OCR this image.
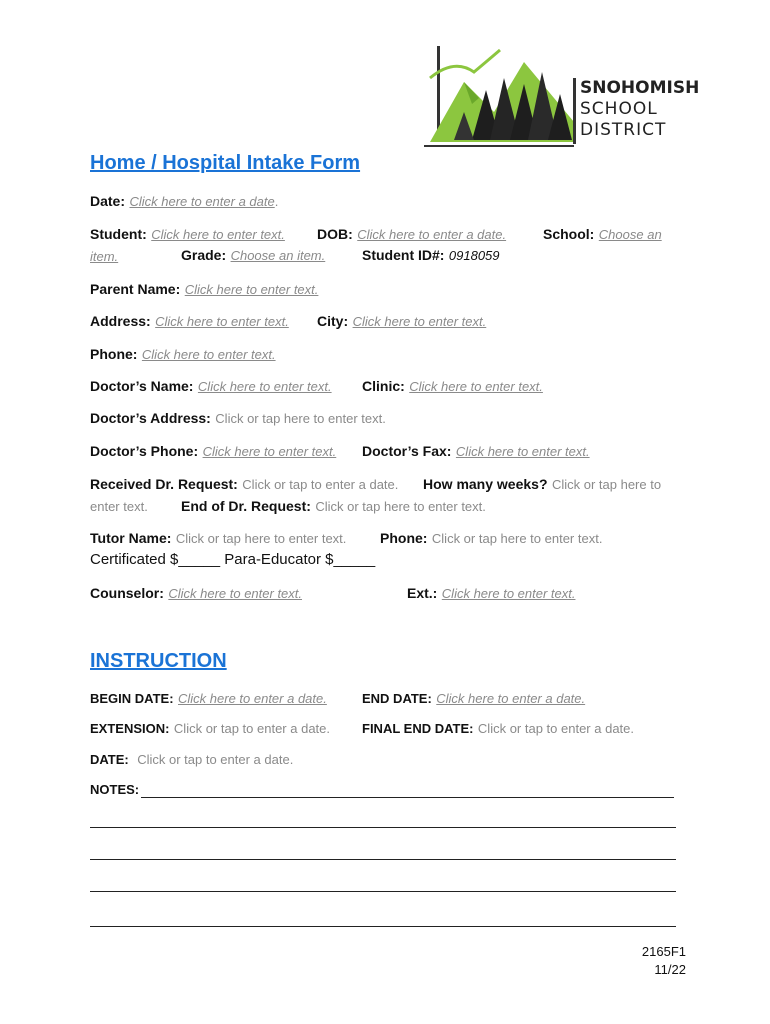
SNOHOMISH
SCHOOL
DISTRICT
Home / Hospital Intake Form
Date: Click here to enter a date.
Student: Click here to enter text. DOB: Click here to enter a date.	School: Choose an
item.	Grade: Choose an item.	Student ID#: 0918059
Parent Name: Click here to enter text.
Address: Click here to enter text. City: Click here to enter text.
Phone: Click here to enter text.
Doctor’s Name: Click here to enter text. Clinic: Click here to enter text.
Doctor’s Address: Click or tap here to enter text.
Doctor’s Phone: Click here to enter text. Doctor’s Fax: Click here to enter text.
Received Dr. Request: Click or tap to enter a date. How many weeks? Click or tap here to
enter text. End of Dr. Request: Click or tap here to enter text.
Tutor Name: Click or tap here to enter text. Phone: Click or tap here to enter text.
Certificated $_____ Para-Educator $_____
Counselor: Click here to enter text.	Ext.: Click here to enter text.
INSTRUCTION
BEGIN DATE: Click here to enter a date.	END DATE: Click here to enter a date.
EXTENSION: Click or tap to enter a date. FINAL END DATE: Click or tap to enter a date.
DATE: Click or tap to enter a date.
NOTES:
2165F1
11/22
